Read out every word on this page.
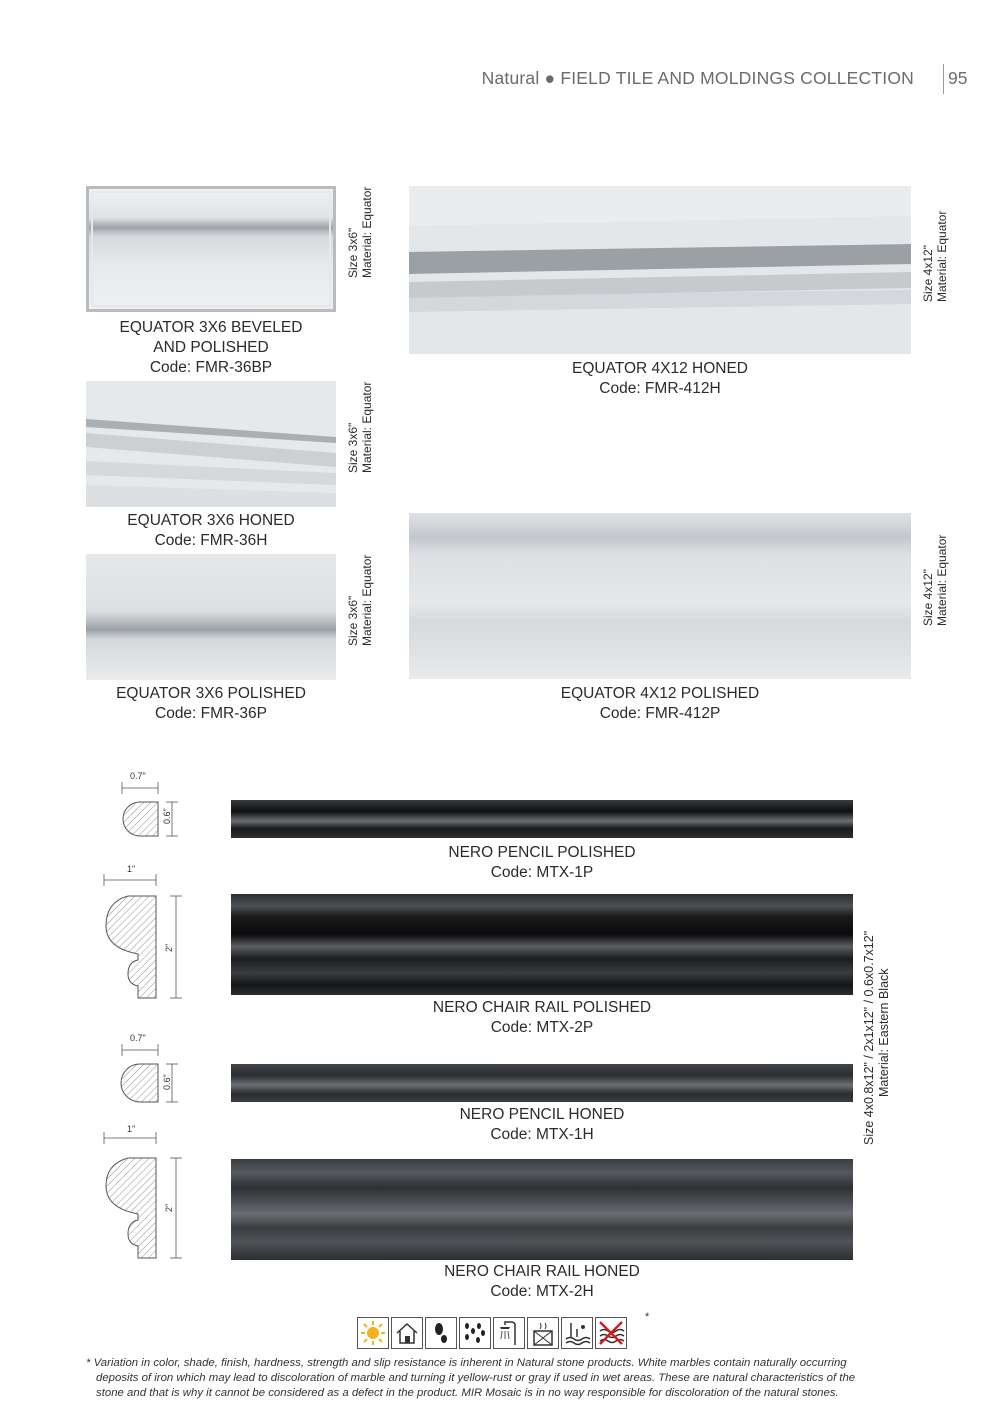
Natural ● FIELD TILE AND MOLDINGS COLLECTION 95
EQUATOR 3X6 BEVELED
AND POLISHED
Code: FMR-36BP
Size 3x6" Material: Equator
EQUATOR 3X6 HONED
Code: FMR-36H
Size 3x6" Material: Equator
EQUATOR 3X6 POLISHED
Code: FMR-36P
Size 3x6" Material: Equator
EQUATOR 4X12 HONED
Code: FMR-412H
Size 4x12" Material: Equator
EQUATOR 4X12 POLISHED
Code: FMR-412P
Size 4x12" Material: Equator
0.7"
0.6"
NERO PENCIL POLISHED
Code: MTX-1P
1"
2"
NERO CHAIR RAIL POLISHED
Code: MTX-2P
0.7"
0.6"
NERO PENCIL HONED
Code: MTX-1H
1"
2"
NERO CHAIR RAIL HONED
Code: MTX-2H
Size 4x0.8x12" / 2x1x12" / 0.6x0.7x12" Material: Eastern Black
*
* Variation in color, shade, finish, hardness, strength and slip resistance is inherent in Natural stone products. White marbles contain naturally occurring
deposits of iron which may lead to discoloration of marble and turning it yellow-rust or gray if used in wet areas. These are natural characteristics of the
stone and that is why it cannot be considered as a defect in the product. MIR Mosaic is in no way responsible for discoloration of the natural stones.
